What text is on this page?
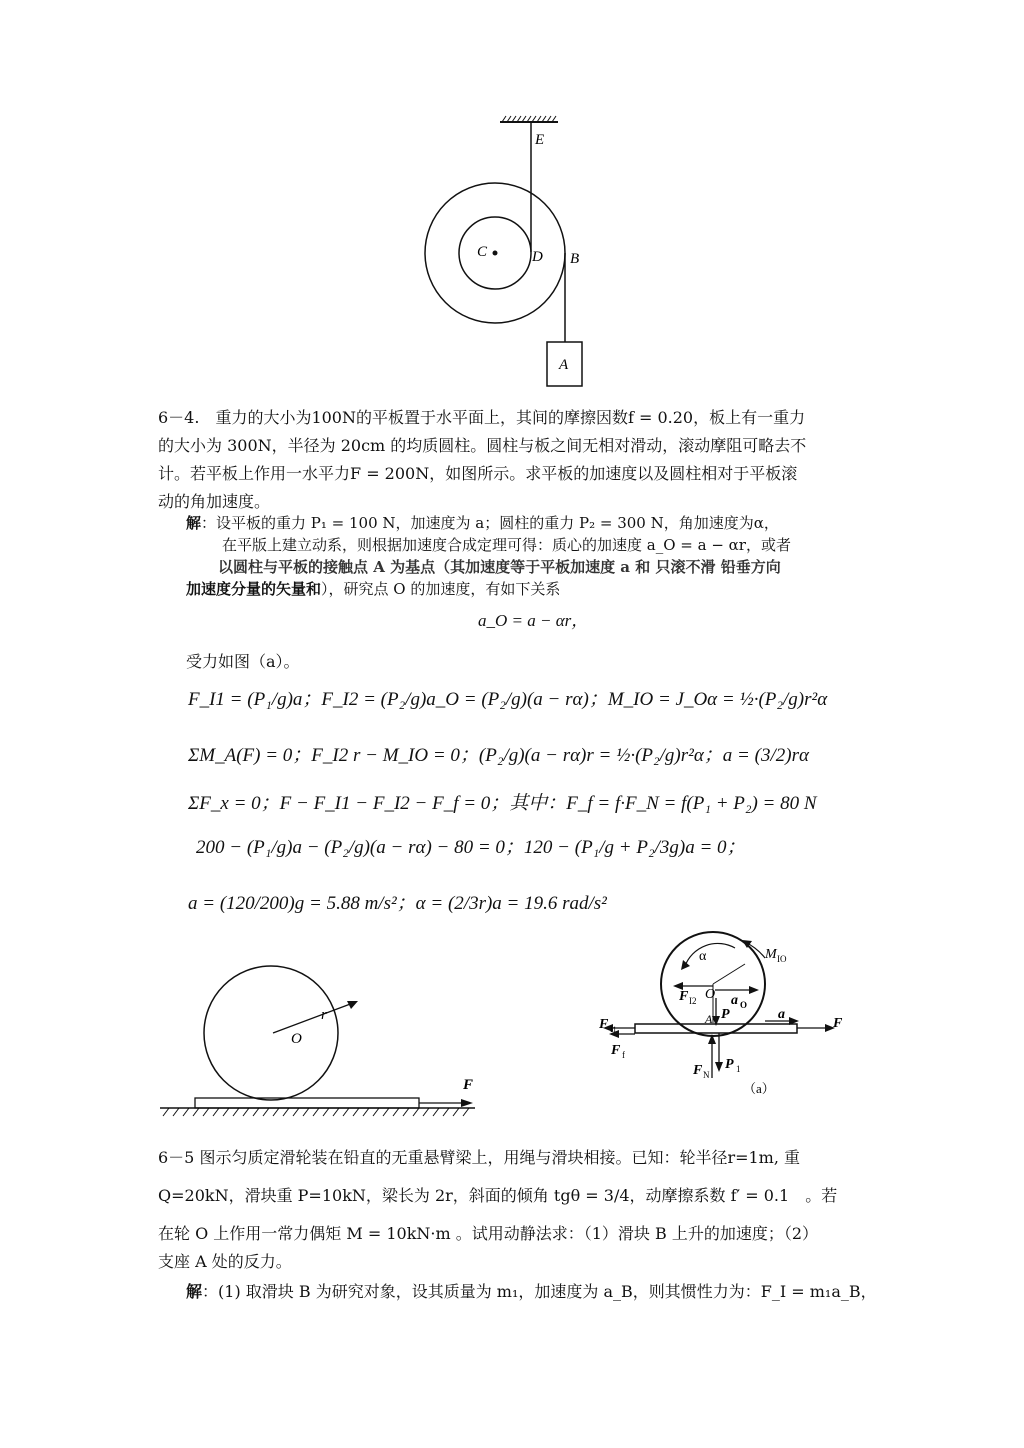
E
C	D B
A
6－4.　重力的大小为100N的平板置于水平面上，其间的摩擦因数f = 0.20，板上有一重力
的大小为 300N，半径为 20cm 的均质圆柱。圆柱与板之间无相对滑动，滚动摩阻可略去不
计。若平板上作用一水平力F = 200N，如图所示。求平板的加速度以及圆柱相对于平板滚
动的角加速度。
解：设平板的重力 P₁ = 100 N，加速度为 a；圆柱的重力 P₂ = 300 N，角加速度为α，
在平版上建立动系，则根据加速度合成定理可得：质心的加速度 a_O = a − αr，或者
以圆柱与平板的接触点 A 为基点（其加速度等于平板加速度 a 和 只滚不滑 铅垂方向
加速度分量的矢量和），研究点 O 的加速度，有如下关系
a_O = a − αr，
受力如图（a）。
F_I1 = (P₁/g)a；F_I2 = (P₂/g)a_O = (P₂/g)(a − rα)；M_IO = J_Oα = ½·(P₂/g)r²α
ΣM_A(F) = 0；F_I2 r − M_IO = 0；(P₂/g)(a − rα)r = ½·(P₂/g)r²α；a = (3/2)rα
ΣF_x = 0；F − F_I1 − F_I2 − F_f = 0；其中：F_f = f·F_N = f(P₁ + P₂) = 80 N
200 − (P₁/g)a − (P₂/g)(a − rα) − 80 = 0；120 − (P₁/g + P₂/3g)a = 0；
a = (120/200)g = 5.88 m/s²；α = (2/3r)a = 19.6 rad/s²
O
r
F
α	M IO
F I2 O a O
P
A	a
F
F I1
F f
F N
P 1
（a）
6－5 图示匀质定滑轮装在铅直的无重悬臂梁上，用绳与滑块相接。已知：轮半径r=1m, 重
Q=20kN，滑块重 P=10kN，梁长为 2r，斜面的倾角 tgθ = 3/4，动摩擦系数 f′ = 0.1　。若
在轮 O 上作用一常力偶矩 M = 10kN·m 。试用动静法求：（1）滑块 B 上升的加速度；（2）
支座 A 处的反力。
解：(1) 取滑块 B 为研究对象，设其质量为 m₁，加速度为 a_B，则其惯性力为：F_I = m₁a_B，
